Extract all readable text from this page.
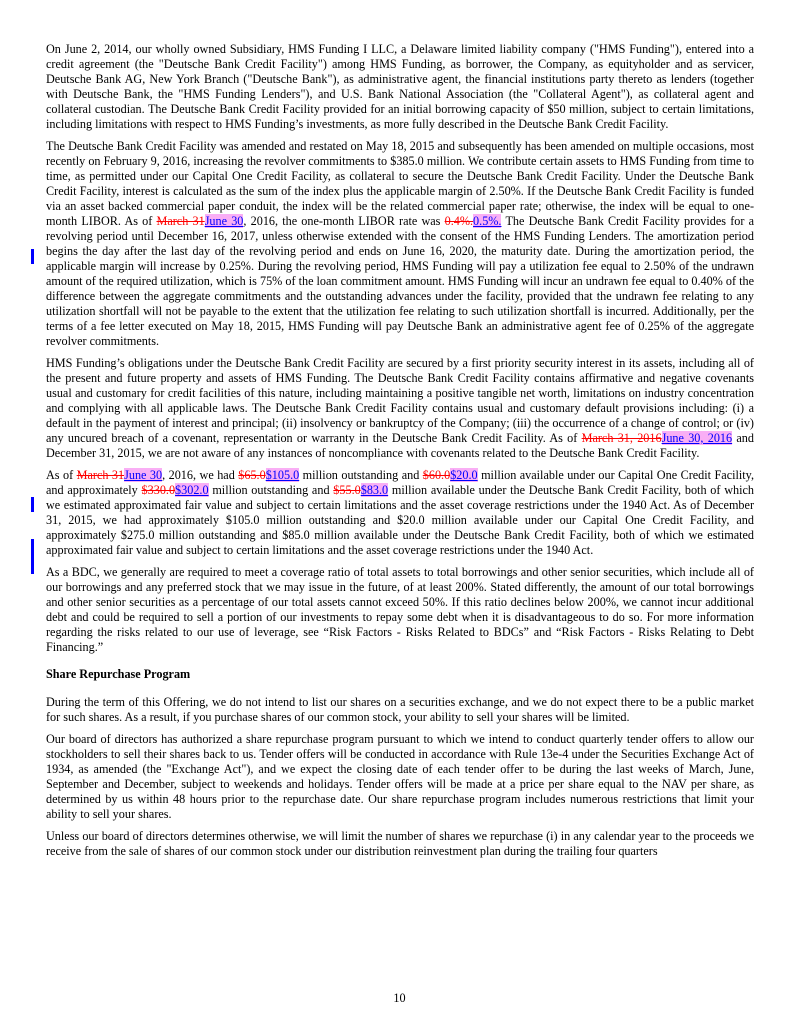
On June 2, 2014, our wholly owned Subsidiary, HMS Funding I LLC, a Delaware limited liability company ("HMS Funding"), entered into a credit agreement (the "Deutsche Bank Credit Facility") among HMS Funding, as borrower, the Company, as equityholder and as servicer, Deutsche Bank AG, New York Branch ("Deutsche Bank"), as administrative agent, the financial institutions party thereto as lenders (together with Deutsche Bank, the "HMS Funding Lenders"), and U.S. Bank National Association (the "Collateral Agent"), as collateral agent and collateral custodian. The Deutsche Bank Credit Facility provided for an initial borrowing capacity of $50 million, subject to certain limitations, including limitations with respect to HMS Funding’s investments, as more fully described in the Deutsche Bank Credit Facility.

The Deutsche Bank Credit Facility was amended and restated on May 18, 2015 and subsequently has been amended on multiple occasions, most recently on February 9, 2016, increasing the revolver commitments to $385.0 million. We contribute certain assets to HMS Funding from time to time, as permitted under our Capital One Credit Facility, as collateral to secure the Deutsche Bank Credit Facility. Under the Deutsche Bank Credit Facility, interest is calculated as the sum of the index plus the applicable margin of 2.50%. If the Deutsche Bank Credit Facility is funded via an asset backed commercial paper conduit, the index will be the related commercial paper rate; otherwise, the index will be equal to one-month LIBOR. As of March 31June 30, 2016, the one-month LIBOR rate was 0.4%.0.5%. The Deutsche Bank Credit Facility provides for a revolving period until December 16, 2017, unless otherwise extended with the consent of the HMS Funding Lenders. The amortization period begins the day after the last day of the revolving period and ends on June 16, 2020, the maturity date. During the amortization period, the applicable margin will increase by 0.25%. During the revolving period, HMS Funding will pay a utilization fee equal to 2.50% of the undrawn amount of the required utilization, which is 75% of the loan commitment amount. HMS Funding will incur an undrawn fee equal to 0.40% of the difference between the aggregate commitments and the outstanding advances under the facility, provided that the undrawn fee relating to any utilization shortfall will not be payable to the extent that the utilization fee relating to such utilization shortfall is incurred. Additionally, per the terms of a fee letter executed on May 18, 2015, HMS Funding will pay Deutsche Bank an administrative agent fee of 0.25% of the aggregate revolver commitments.

HMS Funding’s obligations under the Deutsche Bank Credit Facility are secured by a first priority security interest in its assets, including all of the present and future property and assets of HMS Funding. The Deutsche Bank Credit Facility contains affirmative and negative covenants usual and customary for credit facilities of this nature, including maintaining a positive tangible net worth, limitations on industry concentration and complying with all applicable laws. The Deutsche Bank Credit Facility contains usual and customary default provisions including: (i) a default in the payment of interest and principal; (ii) insolvency or bankruptcy of the Company; (iii) the occurrence of a change of control; or (iv) any uncured breach of a covenant, representation or warranty in the Deutsche Bank Credit Facility. As of March 31, 2016June 30, 2016 and December 31, 2015, we are not aware of any instances of noncompliance with covenants related to the Deutsche Bank Credit Facility.

As of March 31June 30, 2016, we had $65.0$105.0 million outstanding and $60.0$20.0 million available under our Capital One Credit Facility, and approximately $330.0$302.0 million outstanding and $55.0$83.0 million available under the Deutsche Bank Credit Facility, both of which we estimated approximated fair value and subject to certain limitations and the asset coverage restrictions under the 1940 Act. As of December 31, 2015, we had approximately $105.0 million outstanding and $20.0 million available under our Capital One Credit Facility, and approximately $275.0 million outstanding and $85.0 million available under the Deutsche Bank Credit Facility, both of which we estimated approximated fair value and subject to certain limitations and the asset coverage restrictions under the 1940 Act.

As a BDC, we generally are required to meet a coverage ratio of total assets to total borrowings and other senior securities, which include all of our borrowings and any preferred stock that we may issue in the future, of at least 200%. Stated differently, the amount of our total borrowings and other senior securities as a percentage of our total assets cannot exceed 50%. If this ratio declines below 200%, we cannot incur additional debt and could be required to sell a portion of our investments to repay some debt when it is disadvantageous to do so. For more information regarding the risks related to our use of leverage, see “Risk Factors - Risks Related to BDCs” and “Risk Factors - Risks Relating to Debt Financing.”

Share Repurchase Program

During the term of this Offering, we do not intend to list our shares on a securities exchange, and we do not expect there to be a public market for such shares. As a result, if you purchase shares of our common stock, your ability to sell your shares will be limited.

Our board of directors has authorized a share repurchase program pursuant to which we intend to conduct quarterly tender offers to allow our stockholders to sell their shares back to us. Tender offers will be conducted in accordance with Rule 13e-4 under the Securities Exchange Act of 1934, as amended (the "Exchange Act"), and we expect the closing date of each tender offer to be during the last weeks of March, June, September and December, subject to weekends and holidays. Tender offers will be made at a price per share equal to the NAV per share, as determined by us within 48 hours prior to the repurchase date. Our share repurchase program includes numerous restrictions that limit your ability to sell your shares.

Unless our board of directors determines otherwise, we will limit the number of shares we repurchase (i) in any calendar year to the proceeds we receive from the sale of shares of our common stock under our distribution reinvestment plan during the trailing four quarters

10
